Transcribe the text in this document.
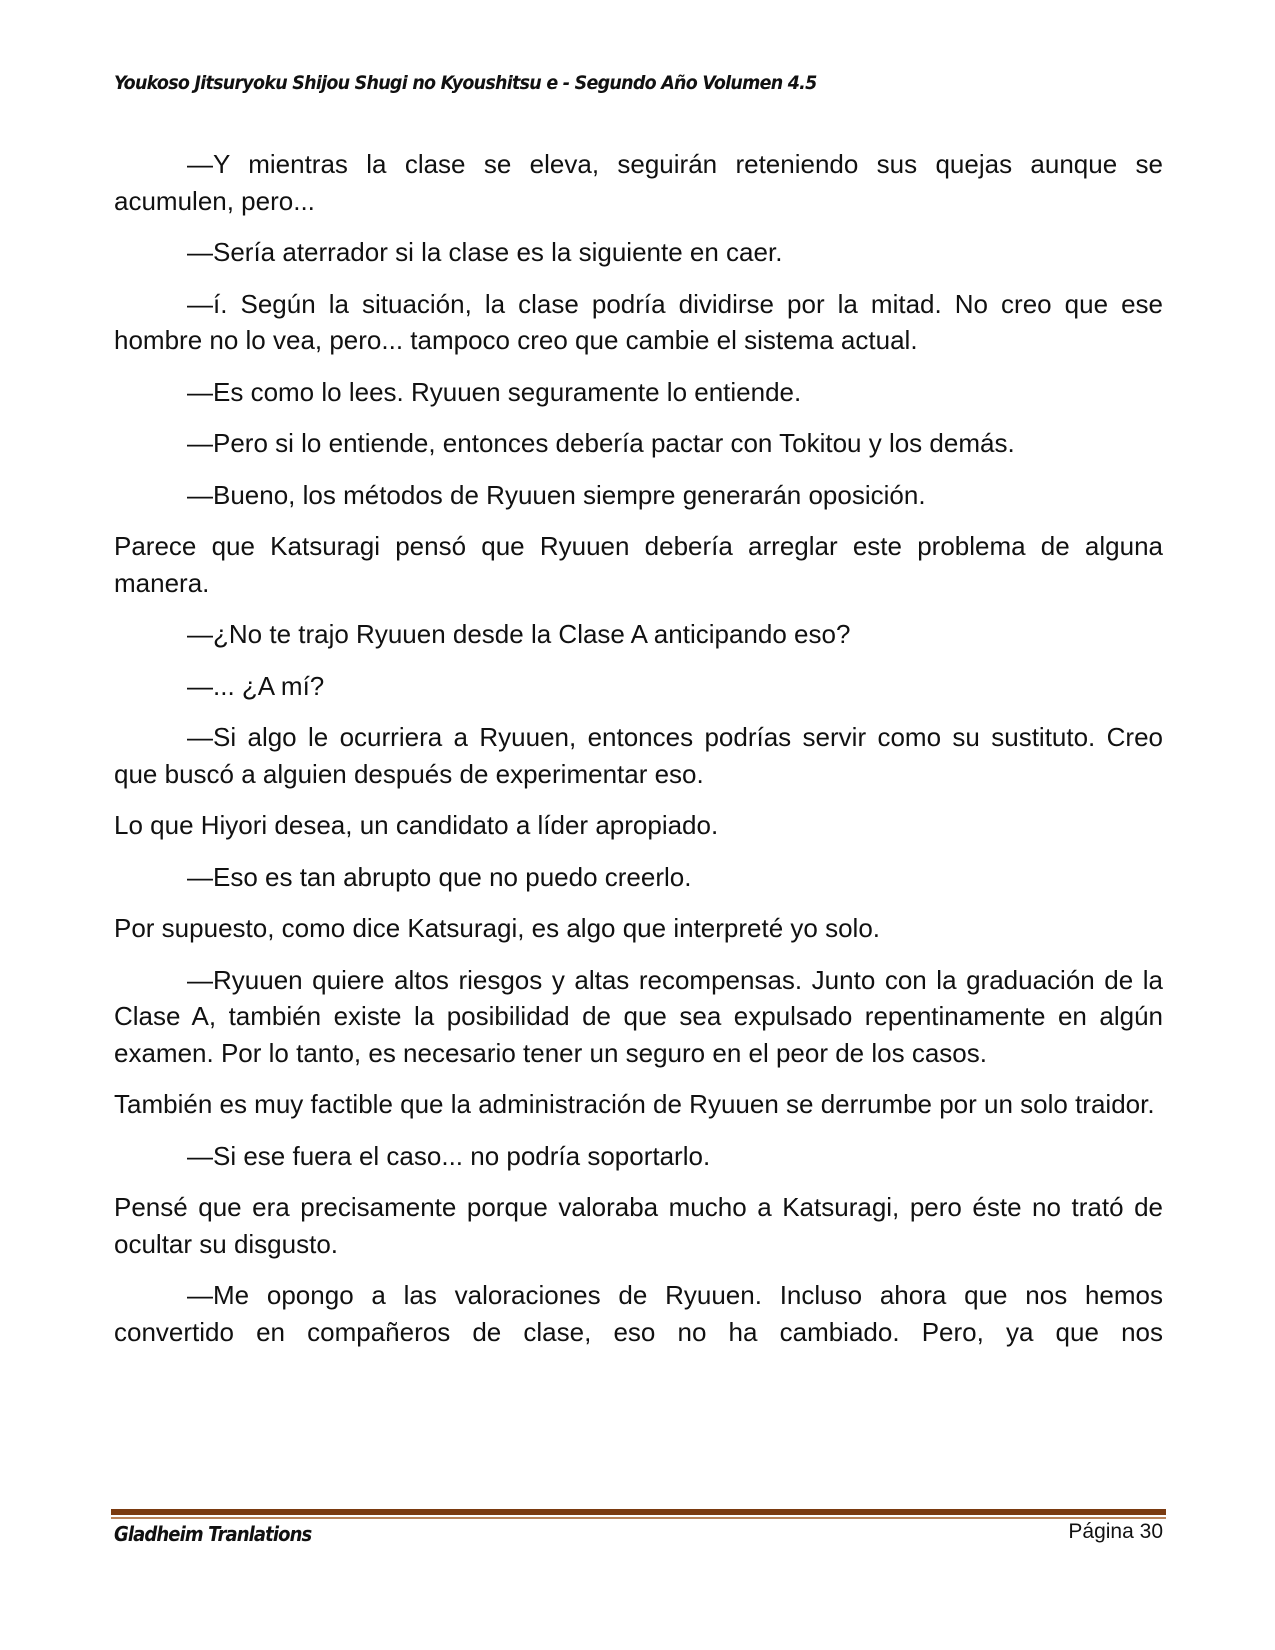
Youkoso Jitsuryoku Shijou Shugi no Kyoushitsu e - Segundo Año Volumen 4.5

—Y mientras la clase se eleva, seguirán reteniendo sus quejas aunque se acumulen, pero...

—Sería aterrador si la clase es la siguiente en caer.

—í. Según la situación, la clase podría dividirse por la mitad. No creo que ese hombre no lo vea, pero... tampoco creo que cambie el sistema actual.

—Es como lo lees. Ryuuen seguramente lo entiende.

—Pero si lo entiende, entonces debería pactar con Tokitou y los demás.

—Bueno, los métodos de Ryuuen siempre generarán oposición.

Parece que Katsuragi pensó que Ryuuen debería arreglar este problema de alguna manera.

—¿No te trajo Ryuuen desde la Clase A anticipando eso?

—... ¿A mí?

—Si algo le ocurriera a Ryuuen, entonces podrías servir como su sustituto. Creo que buscó a alguien después de experimentar eso.

Lo que Hiyori desea, un candidato a líder apropiado.

—Eso es tan abrupto que no puedo creerlo.

Por supuesto, como dice Katsuragi, es algo que interpreté yo solo.

—Ryuuen quiere altos riesgos y altas recompensas. Junto con la graduación de la Clase A, también existe la posibilidad de que sea expulsado repentinamente en algún examen. Por lo tanto, es necesario tener un seguro en el peor de los casos.

También es muy factible que la administración de Ryuuen se derrumbe por un solo traidor.

—Si ese fuera el caso... no podría soportarlo.

Pensé que era precisamente porque valoraba mucho a Katsuragi, pero éste no trató de ocultar su disgusto.

—Me opongo a las valoraciones de Ryuuen. Incluso ahora que nos hemos convertido en compañeros de clase, eso no ha cambiado. Pero, ya que nos

Gladheim Tranlations	Página 30
